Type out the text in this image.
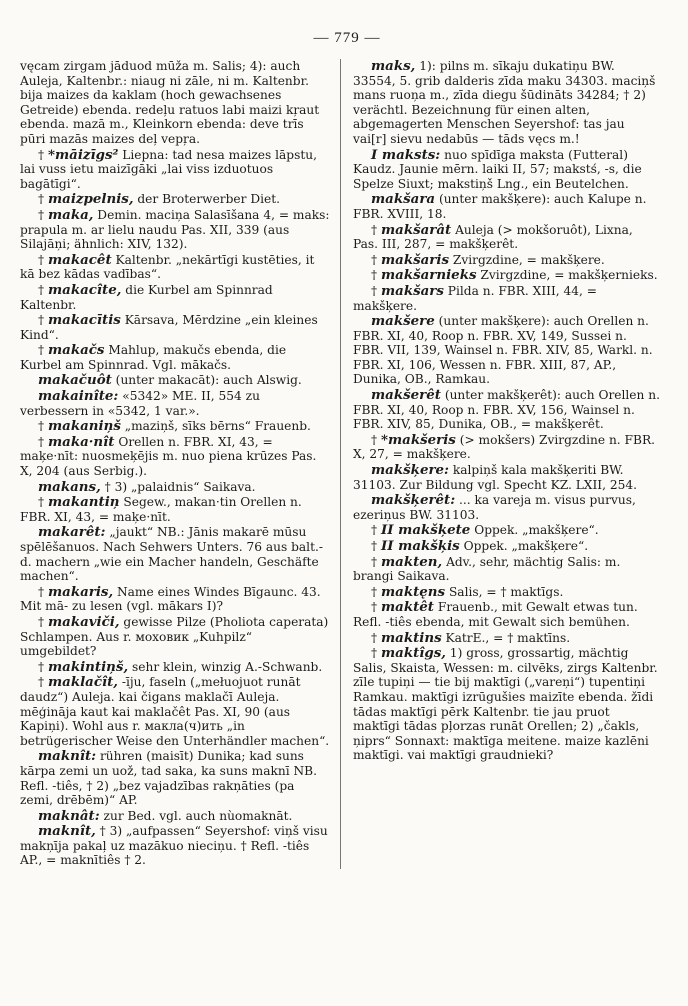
— 779 —
vęcam zirgam jāduod mūža m. Salis; 4): auch Auleja, Kaltenbr.: niaug ni zāle, ni m. Kaltenbr. bija maizes da kaklam (hoch gewachsenes Getreide) ebenda. redeļu ratuos labi maizi kŗaut ebenda. mazā m., Kleinkorn ebenda: deve trīs pūri mazās maizes deļ vepŗa.
† *māizīgs² Liepna: tad nesa maizes lāpstu, lai vuss ietu maizīgāki „lai viss izduotuos bagātīgi“.
† maizpelnis, der Broterwerber Diet.
† maka, Demin. maciņa Salasīšana 4, = maks: prapula m. ar lielu naudu Pas. XII, 339 (aus Silajāņi; ähnlich: XIV, 132).
† makacêt Kaltenbr. „nekārtīgi kustēties, it kā bez kādas vadības“.
† makacîte, die Kurbel am Spinnrad Kaltenbr.
† makacītis Kārsava, Mērdzine „ein kleines Kind“.
† makačs Mahlup, makučs ebenda, die Kurbel am Spinnrad. Vgl. mākačs.
makačuôt (unter makacāt): auch Alswig.
makainîte: «5342» ME. II, 554 zu verbessern in «5342, 1 var.».
† makaniņš „maziņš, sīks bērns“ Frauenb.
† maka·nît Orellen n. FBR. XI, 43, = maķe·nīt: nuosmeķējis m. nuo piena krūzes Pas. X, 204 (aus Serbig.).
makans, † 3) „palaidnis“ Saikava.
† makantiņ Segew., makan·tin Orellen n. FBR. XI, 43, = maķe·nīt.
makarêt: „jaukt“ NB.: Jānis makarē mūsu spēlēšanuos. Nach Sehwers Unters. 76 aus balt.-d. machern „wie ein Macher handeln, Geschäfte machen“.
† makaris, Name eines Windes Bīgaunc. 43. Mit mā- zu lesen (vgl. mākars I)?
† makaviči, gewisse Pilze (Pholiota caperata) Schlampen. Aus r. моховик „Kuhpilz“ umgebildet?
† makintiņš, sehr klein, winzig A.-Schwanb.
† maklačît, -īju, faseln („mełuojuot runāt daudz“) Auleja. kai čigans maklačī Auleja. mēģināja kaut kai maklačêt Pas. XI, 90 (aus Kapiņi). Wohl aus r. макла(ч)ить „in betrügerischer Weise den Unterhändler machen“.
maknît: rühren (maisīt) Dunika; kad suns kārpa zemi un uož, tad saka, ka suns maknī NB. Refl. -tiês, † 2) „bez vajadzības rakņāties (pa zemi, drēbēm)“ AP.
maknât: zur Bed. vgl. auch nùomaknāt.
maknît, † 3) „aufpassen“ Seyershof: viņš visu makņīja pakaļ uz mazākuo nieciņu. † Refl. -tiês AP., = maknītiês † 2.
maks, 1): pilns m. sīkaju dukatiņu BW. 33554, 5. grib dalderis zīda maku 34303. maciņš mans ruoņa m., zīda diegu šūdināts 34284; † 2) verächtl. Bezeichnung für einen alten, abgemagerten Menschen Seyershof: tas jau vai[r] sievu nedabūs — tāds vęcs m.!
I maksts: nuo spīdīga maksta (Futteral) Kaudz. Jaunie mērn. laiki II, 57; makstś, -s, die Spelze Siuxt; makstiņš Lng., ein Beutelchen.
makšara (unter makšķere): auch Kalupe n. FBR. XVIII, 18.
† makšarât Auleja (> mokšoruôt), Lixna, Pas. III, 287, = makšķerêt.
† makšaris Zvirgzdine, = makšķere.
† makšarnieks Zvirgzdine, = makšķernieks.
† makšars Pilda n. FBR. XIII, 44, = makšķere.
makšere (unter makšķere): auch Orellen n. FBR. XI, 40, Roop n. FBR. XV, 149, Sussei n. FBR. VII, 139, Wainsel n. FBR. XIV, 85, Warkl. n. FBR. XI, 106, Wessen n. FBR. XIII, 87, AP., Dunika, OB., Ramkau.
makšerêt (unter makšķerêt): auch Orellen n. FBR. XI, 40, Roop n. FBR. XV, 156, Wainsel n. FBR. XIV, 85, Dunika, OB., = makšķerêt.
† *makšeris (> mokšers) Zvirgzdine n. FBR. X, 27, = makšķere.
makšķere: kalpiņš kala makšķeriti BW. 31103. Zur Bildung vgl. Specht KZ. LXII, 254.
makšķerêt: ... ka vareja m. visus purvus, ezeriņus BW. 31103.
† II makšķete Oppek. „makšķere“.
† II makšķis Oppek. „makšķere“.
† makten, Adv., sehr, mächtig Salis: m. brangi Saikava.
† maktęns Salis, = † maktīgs.
† maktêt Frauenb., mit Gewalt etwas tun. Refl. -tiês ebenda, mit Gewalt sich bemühen.
† maktins KatrE., = † maktīns.
† maktîgs, 1) gross, grossartig, mächtig Salis, Skaista, Wessen: m. cilvēks, zirgs Kaltenbr. zīle tupiņi — tie bij maktīgi („vareņi“) tupentiņi Ramkau. maktīgi izrūgušies maizīte ebenda. žīdi tādas maktīgi pērk Kaltenbr. tie jau pruot maktīgi tādas pļorzas runāt Orellen; 2) „čakls, ņiprs“ Sonnaxt: maktīga meitene. maize kazlēni maktīgi. vai maktīgi graudnieki?
